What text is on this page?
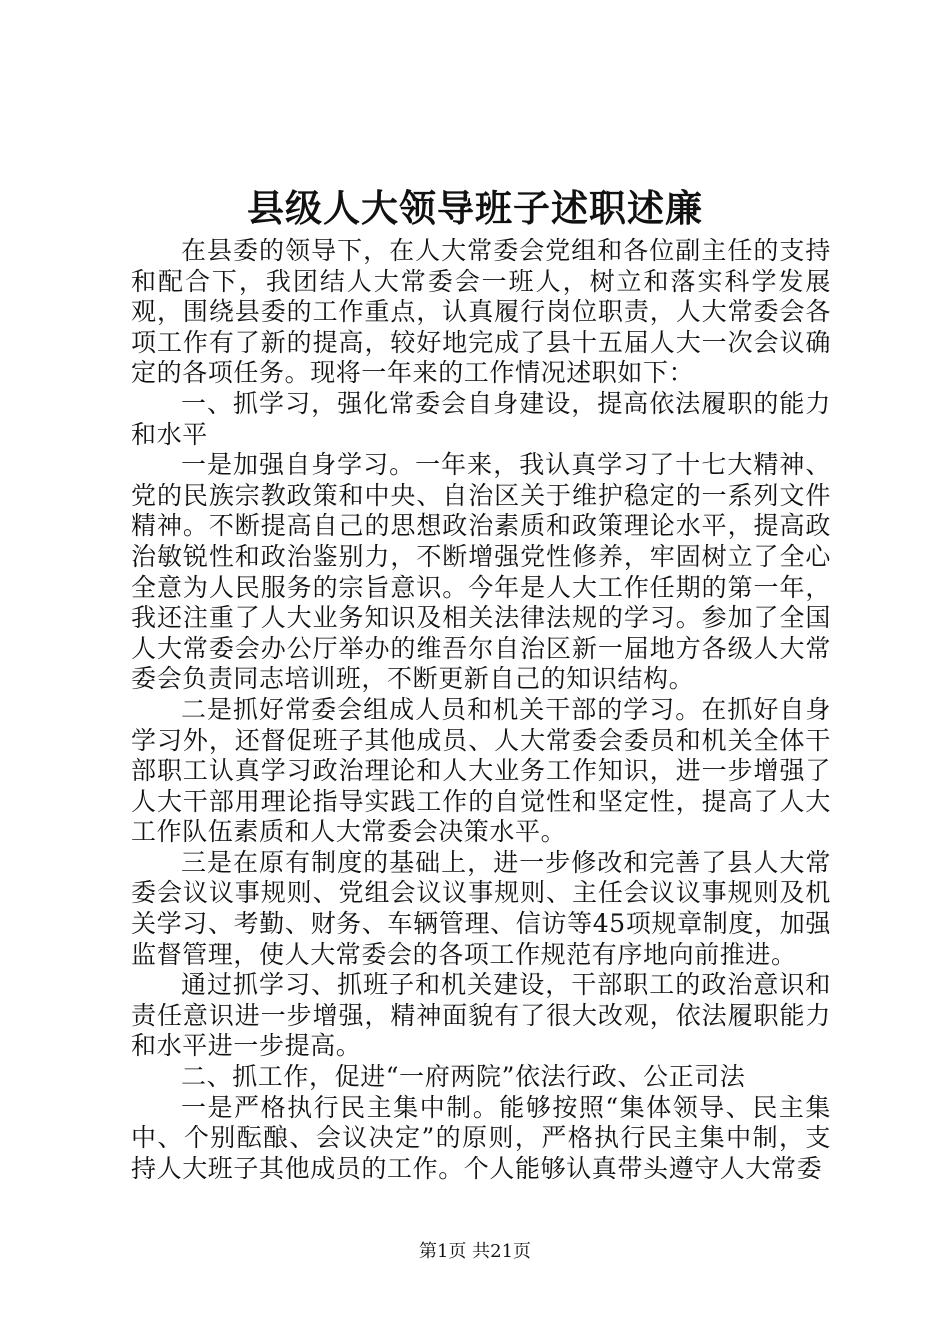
县级人大领导班子述职述廉

在县委的领导下，在人大常委会党组和各位副主任的支持和配合下，我团结人大常委会一班人，树立和落实科学发展观，围绕县委的工作重点，认真履行岗位职责，人大常委会各项工作有了新的提高，较好地完成了县十五届人大一次会议确定的各项任务。现将一年来的工作情况述职如下：

一、抓学习，强化常委会自身建设，提高依法履职的能力和水平

一是加强自身学习。一年来，我认真学习了十七大精神、党的民族宗教政策和中央、自治区关于维护稳定的一系列文件精神。不断提高自己的思想政治素质和政策理论水平，提高政治敏锐性和政治鉴别力，不断增强党性修养，牢固树立了全心全意为人民服务的宗旨意识。今年是人大工作任期的第一年，我还注重了人大业务知识及相关法律法规的学习。参加了全国人大常委会办公厅举办的维吾尔自治区新一届地方各级人大常委会负责同志培训班，不断更新自己的知识结构。

二是抓好常委会组成人员和机关干部的学习。在抓好自身学习外，还督促班子其他成员、人大常委会委员和机关全体干部职工认真学习政治理论和人大业务工作知识，进一步增强了人大干部用理论指导实践工作的自觉性和坚定性，提高了人大工作队伍素质和人大常委会决策水平。

三是在原有制度的基础上，进一步修改和完善了县人大常委会议议事规则、党组会议议事规则、主任会议议事规则及机关学习、考勤、财务、车辆管理、信访等45项规章制度，加强监督管理，使人大常委会的各项工作规范有序地向前推进。

通过抓学习、抓班子和机关建设，干部职工的政治意识和责任意识进一步增强，精神面貌有了很大改观，依法履职能力和水平进一步提高。

二、抓工作，促进“一府两院”依法行政、公正司法

一是严格执行民主集中制。能够按照“集体领导、民主集中、个别酝酿、会议决定”的原则，严格执行民主集中制，支持人大班子其他成员的工作。个人能够认真带头遵守人大常委

第1页 共21页
